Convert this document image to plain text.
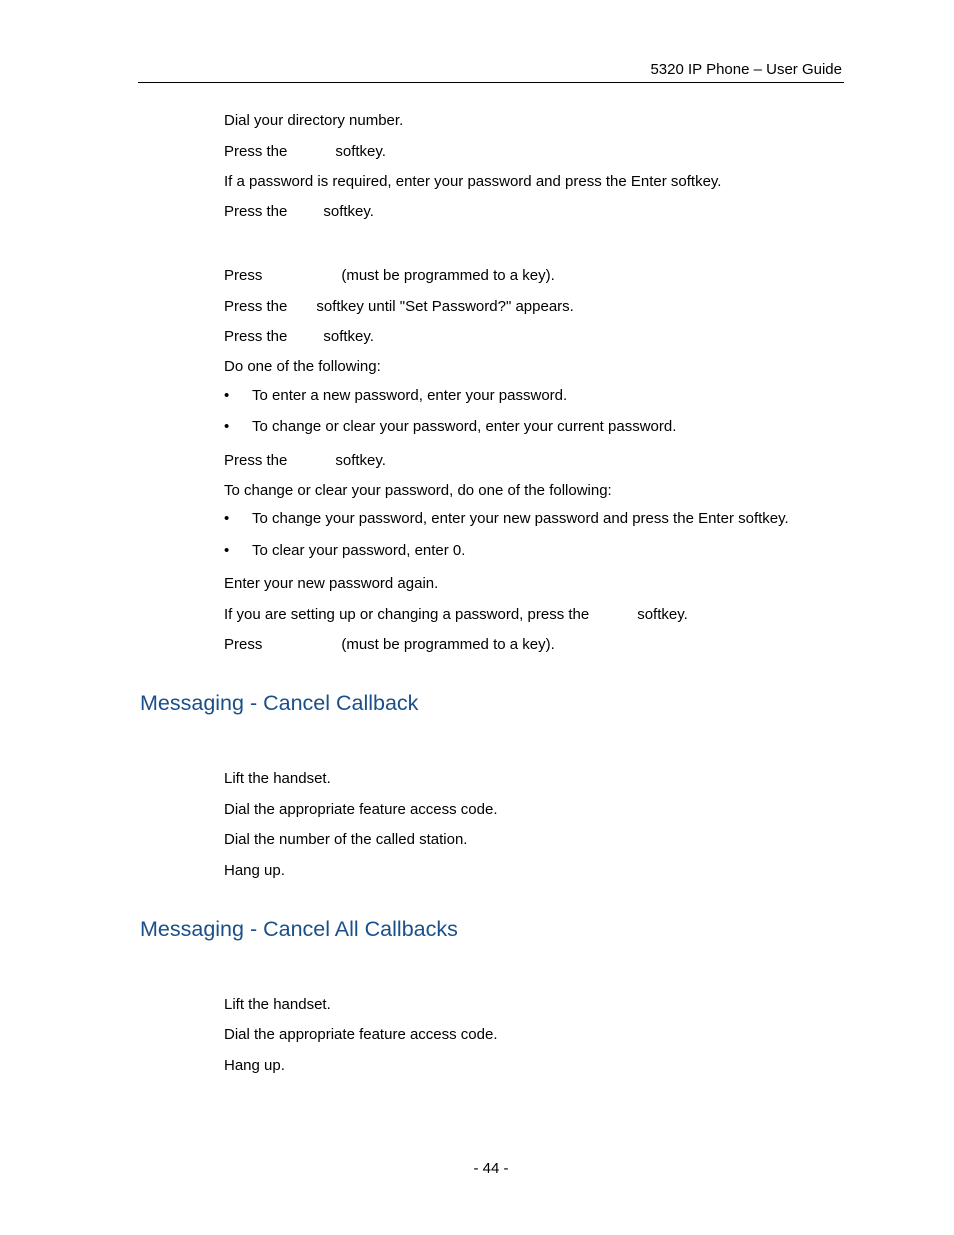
5320 IP Phone – User Guide
Dial your directory number.
Press the	softkey.
If a password is required, enter your password and press the Enter softkey.
Press the softkey.
Press	(must be programmed to a key).
Press the softkey until "Set Password?" appears.
Press the softkey.
Do one of the following:
•	To enter a new password, enter your password.
•	To change or clear your password, enter your current password.
Press the	softkey.
To change or clear your password, do one of the following:
•	To change your password, enter your new password and press the Enter softkey.
•	To clear your password, enter 0.
Enter your new password again.
If you are setting up or changing a password, press the	softkey.
Press	(must be programmed to a key).
Messaging - Cancel Callback
Lift the handset.
Dial the appropriate feature access code.
Dial the number of the called station.
Hang up.
Messaging - Cancel All Callbacks
Lift the handset.
Dial the appropriate feature access code.
Hang up.
- 44 -
